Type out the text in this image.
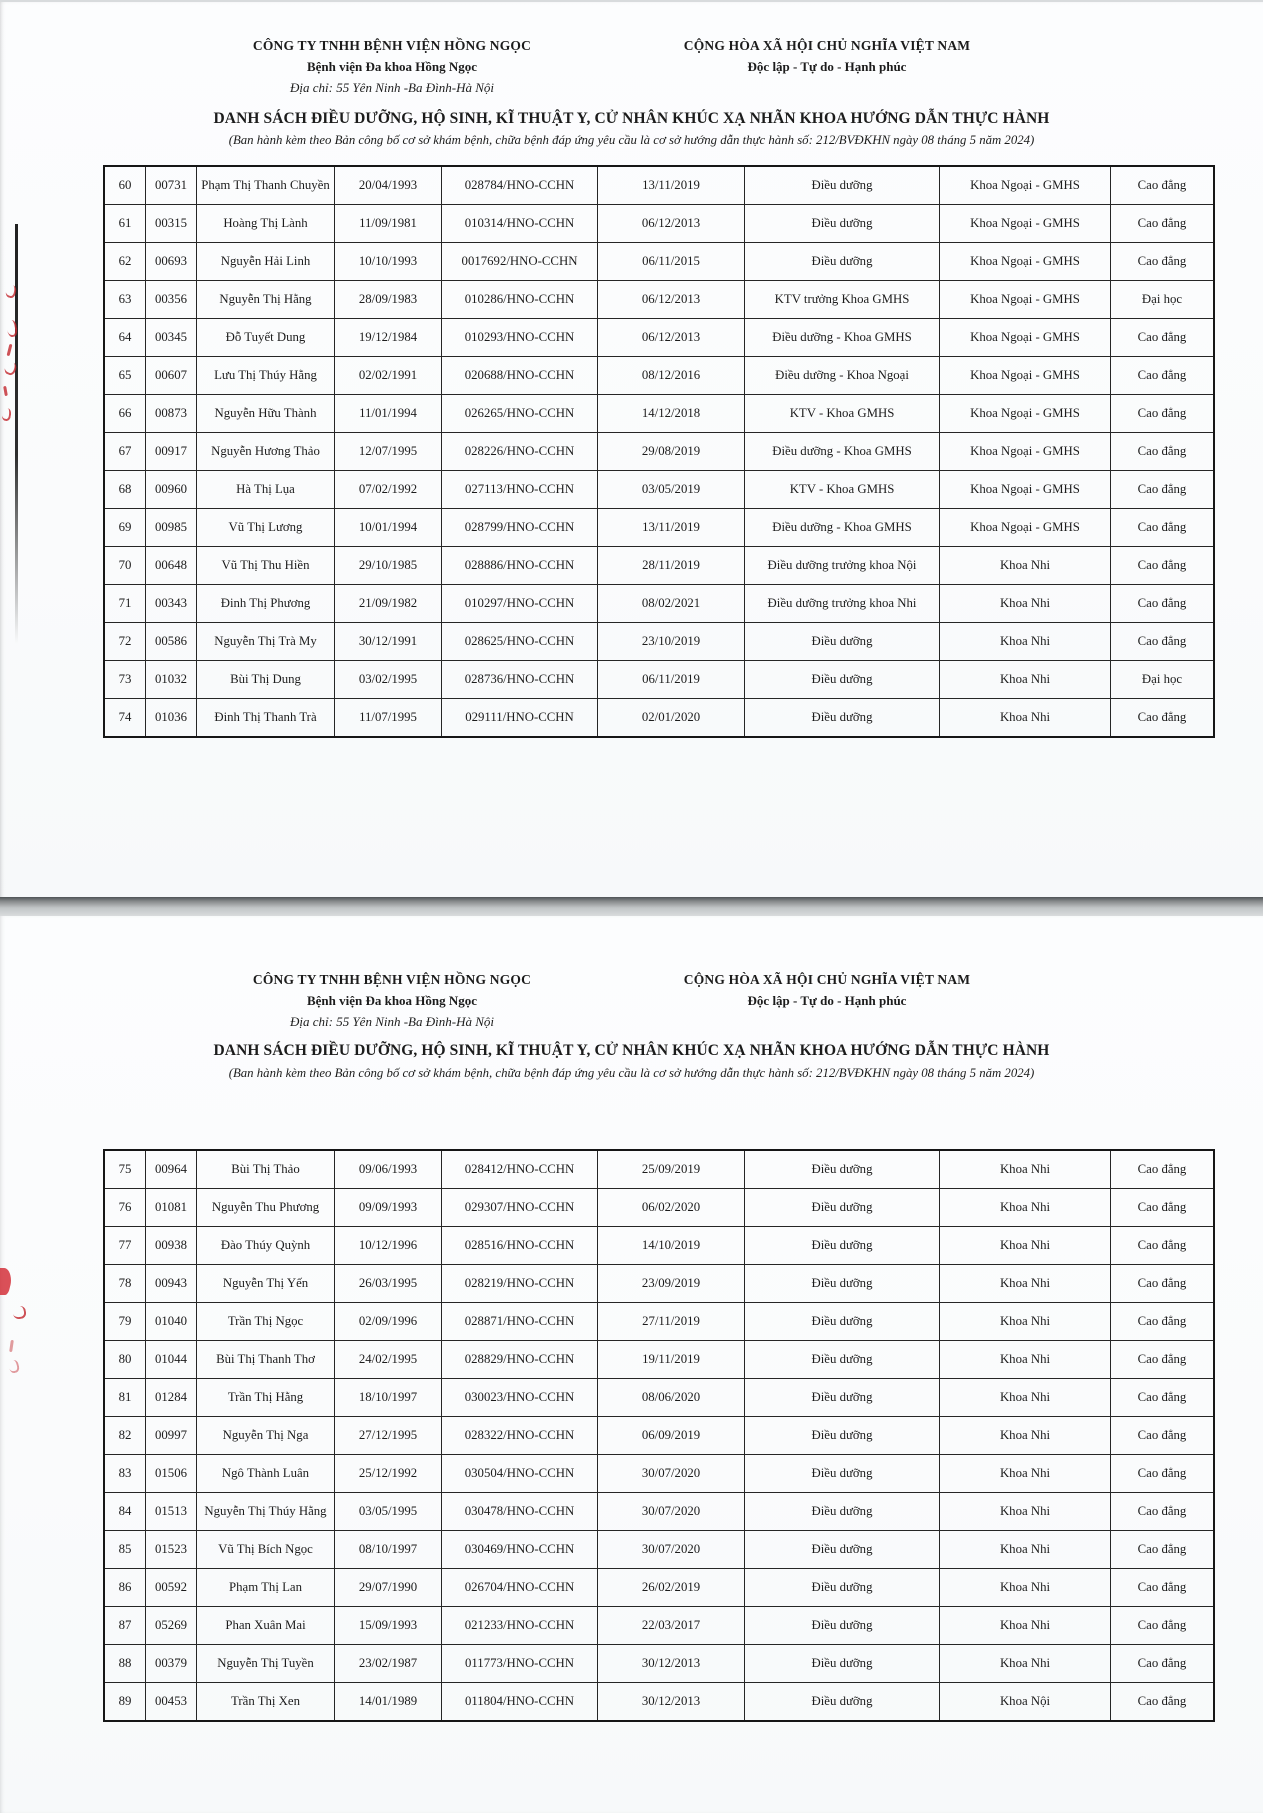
CÔNG TY TNHH BỆNH VIỆN HỒNG NGỌC
Bệnh viện Đa khoa Hồng Ngọc
Địa chỉ: 55 Yên Ninh -Ba Đình-Hà Nội
CỘNG HÒA XÃ HỘI CHỦ NGHĨA VIỆT NAM
Độc lập - Tự do - Hạnh phúc
DANH SÁCH ĐIỀU DƯỠNG, HỘ SINH, KĨ THUẬT Y, CỬ NHÂN KHÚC XẠ NHÃN KHOA HƯỚNG DẪN THỰC HÀNH
(Ban hành kèm theo Bản công bố cơ sở khám bệnh, chữa bệnh đáp ứng yêu cầu là cơ sở hướng dẫn thực hành số: 212/BVĐKHN ngày 08 tháng 5 năm 2024)
60	00731	Phạm Thị Thanh Chuyền	20/04/1993	028784/HNO-CCHN	13/11/2019	Điều dưỡng	Khoa Ngoại - GMHS	Cao đẳng
61	00315	Hoàng Thị Lành	11/09/1981	010314/HNO-CCHN	06/12/2013	Điều dưỡng	Khoa Ngoại - GMHS	Cao đẳng
62	00693	Nguyễn Hải Linh	10/10/1993	0017692/HNO-CCHN	06/11/2015	Điều dưỡng	Khoa Ngoại - GMHS	Cao đẳng
63	00356	Nguyễn Thị Hằng	28/09/1983	010286/HNO-CCHN	06/12/2013	KTV trưởng Khoa GMHS	Khoa Ngoại - GMHS	Đại học
64	00345	Đỗ Tuyết Dung	19/12/1984	010293/HNO-CCHN	06/12/2013	Điều dưỡng - Khoa GMHS	Khoa Ngoại - GMHS	Cao đẳng
65	00607	Lưu Thị Thúy Hằng	02/02/1991	020688/HNO-CCHN	08/12/2016	Điều dưỡng - Khoa Ngoại	Khoa Ngoại - GMHS	Cao đẳng
66	00873	Nguyễn Hữu Thành	11/01/1994	026265/HNO-CCHN	14/12/2018	KTV - Khoa GMHS	Khoa Ngoại - GMHS	Cao đẳng
67	00917	Nguyễn Hương Thảo	12/07/1995	028226/HNO-CCHN	29/08/2019	Điều dưỡng - Khoa GMHS	Khoa Ngoại - GMHS	Cao đẳng
68	00960	Hà Thị Lụa	07/02/1992	027113/HNO-CCHN	03/05/2019	KTV - Khoa GMHS	Khoa Ngoại - GMHS	Cao đẳng
69	00985	Vũ Thị Lương	10/01/1994	028799/HNO-CCHN	13/11/2019	Điều dưỡng - Khoa GMHS	Khoa Ngoại - GMHS	Cao đẳng
70	00648	Vũ Thị Thu Hiền	29/10/1985	028886/HNO-CCHN	28/11/2019	Điều dưỡng trưởng khoa Nội	Khoa Nhi	Cao đẳng
71	00343	Đinh Thị Phương	21/09/1982	010297/HNO-CCHN	08/02/2021	Điều dưỡng trưởng khoa Nhi	Khoa Nhi	Cao đẳng
72	00586	Nguyễn Thị Trà My	30/12/1991	028625/HNO-CCHN	23/10/2019	Điều dưỡng	Khoa Nhi	Cao đẳng
73	01032	Bùi Thị Dung	03/02/1995	028736/HNO-CCHN	06/11/2019	Điều dưỡng	Khoa Nhi	Đại học
74	01036	Đinh Thị Thanh Trà	11/07/1995	029111/HNO-CCHN	02/01/2020	Điều dưỡng	Khoa Nhi	Cao đẳng
CÔNG TY TNHH BỆNH VIỆN HỒNG NGỌC
Bệnh viện Đa khoa Hồng Ngọc
Địa chỉ: 55 Yên Ninh -Ba Đình-Hà Nội
CỘNG HÒA XÃ HỘI CHỦ NGHĨA VIỆT NAM
Độc lập - Tự do - Hạnh phúc
DANH SÁCH ĐIỀU DƯỠNG, HỘ SINH, KĨ THUẬT Y, CỬ NHÂN KHÚC XẠ NHÃN KHOA HƯỚNG DẪN THỰC HÀNH
(Ban hành kèm theo Bản công bố cơ sở khám bệnh, chữa bệnh đáp ứng yêu cầu là cơ sở hướng dẫn thực hành số: 212/BVĐKHN ngày 08 tháng 5 năm 2024)
75	00964	Bùi Thị Thảo	09/06/1993	028412/HNO-CCHN	25/09/2019	Điều dưỡng	Khoa Nhi	Cao đẳng
76	01081	Nguyễn Thu Phương	09/09/1993	029307/HNO-CCHN	06/02/2020	Điều dưỡng	Khoa Nhi	Cao đẳng
77	00938	Đào Thúy Quỳnh	10/12/1996	028516/HNO-CCHN	14/10/2019	Điều dưỡng	Khoa Nhi	Cao đẳng
78	00943	Nguyễn Thị Yến	26/03/1995	028219/HNO-CCHN	23/09/2019	Điều dưỡng	Khoa Nhi	Cao đẳng
79	01040	Trần Thị Ngọc	02/09/1996	028871/HNO-CCHN	27/11/2019	Điều dưỡng	Khoa Nhi	Cao đẳng
80	01044	Bùi Thị Thanh Thơ	24/02/1995	028829/HNO-CCHN	19/11/2019	Điều dưỡng	Khoa Nhi	Cao đẳng
81	01284	Trần Thị Hằng	18/10/1997	030023/HNO-CCHN	08/06/2020	Điều dưỡng	Khoa Nhi	Cao đẳng
82	00997	Nguyễn Thị Nga	27/12/1995	028322/HNO-CCHN	06/09/2019	Điều dưỡng	Khoa Nhi	Cao đẳng
83	01506	Ngô Thành Luân	25/12/1992	030504/HNO-CCHN	30/07/2020	Điều dưỡng	Khoa Nhi	Cao đẳng
84	01513	Nguyễn Thị Thúy Hằng	03/05/1995	030478/HNO-CCHN	30/07/2020	Điều dưỡng	Khoa Nhi	Cao đẳng
85	01523	Vũ Thị Bích Ngọc	08/10/1997	030469/HNO-CCHN	30/07/2020	Điều dưỡng	Khoa Nhi	Cao đẳng
86	00592	Phạm Thị Lan	29/07/1990	026704/HNO-CCHN	26/02/2019	Điều dưỡng	Khoa Nhi	Cao đẳng
87	05269	Phan Xuân Mai	15/09/1993	021233/HNO-CCHN	22/03/2017	Điều dưỡng	Khoa Nhi	Cao đẳng
88	00379	Nguyễn Thị Tuyền	23/02/1987	011773/HNO-CCHN	30/12/2013	Điều dưỡng	Khoa Nhi	Cao đẳng
89	00453	Trần Thị Xen	14/01/1989	011804/HNO-CCHN	30/12/2013	Điều dưỡng	Khoa Nội	Cao đẳng
